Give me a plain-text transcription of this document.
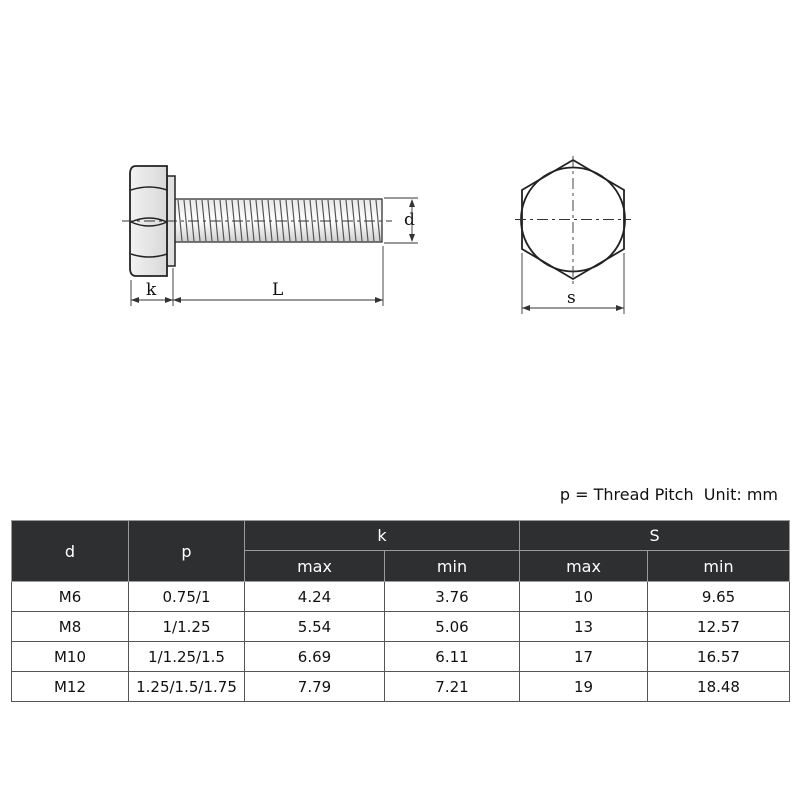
d
k	L	s
p = Thread Pitch  Unit: mm
d	p	k		S	
		max	min	max	min
M6	0.75/1	4.24	3.76	10	9.65
M8	1/1.25	5.54	5.06	13	12.57
M10	1/1.25/1.5	6.69	6.11	17	16.57
M12	1.25/1.5/1.75	7.79	7.21	19	18.48
